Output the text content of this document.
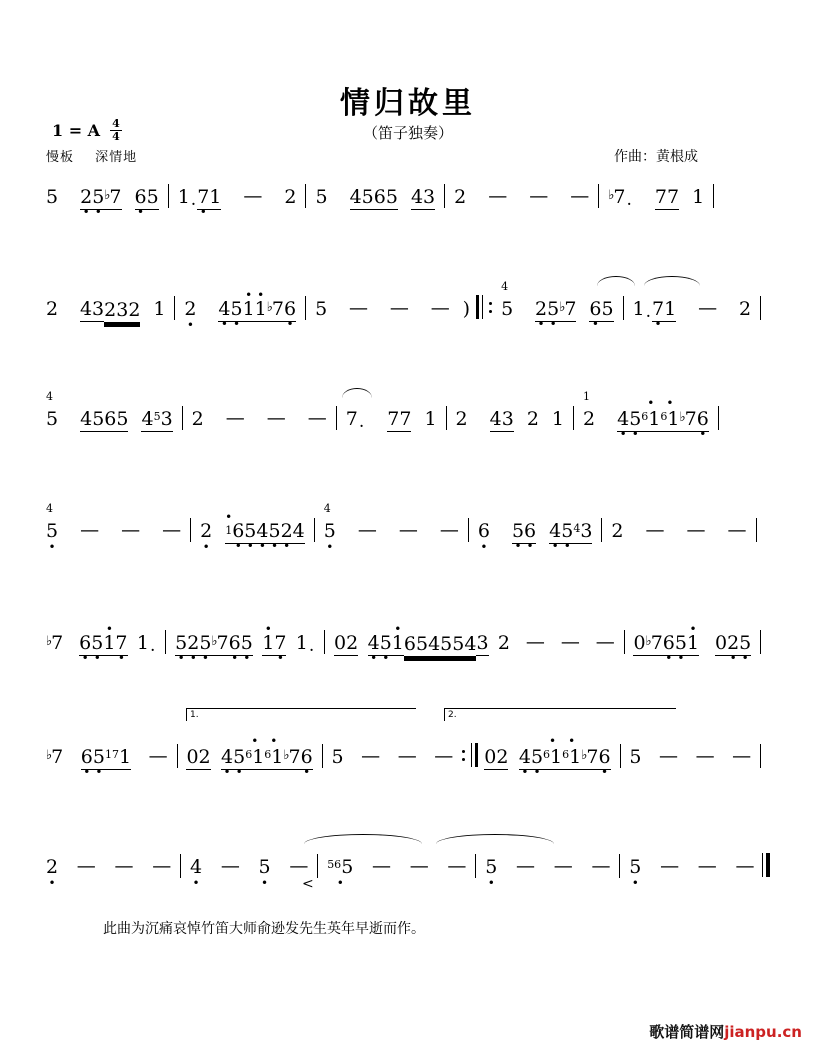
1 = A $\frac{4}{4}$
情归故里
（笛子独奏）
慢板 深情地	作曲：黄根成
5 2 • 5 • ♭7 6 • 5 1 . 7 • 1 — 2 5 4 5 6 5 4 3 2 — — — ♭7 . 7 7 1
2 4 3 2 3 2 1 2 • 4 • 5 • • 1 • 1 ♭7 6 • 5 — — — )
$^4$
5 2 • 5 • ♭7 6 • 5 1 . 7 • 1 — 2
$^4$
5 4 5 6 5 4 $^5$3 2 — — — 7 . 7 7 1 2 4 3 2 1
$^1$
2 4 • 5 • • $^6$1 • $^6$1 ♭7 6 •
$^4$
5 • — — — 2 • • 1 6 • 5 • 4 • 5 • 2 • 4
$^4$
5 • — — — 6 • 5 • 6 • 4 • 5 • $^4$3 2 — — —
♭7 6 • 5 • • 1 7 • 1 . 5 • 2 • 5 • ♭7 6 • 5 • • 1 7 • 1 . 0 2 4 • 5 • • 1 6 • 5 • 4 • 5 • 5 • 4 3 2 — — — 0 ♭7 6 • 5 • • 1 0 2 • 5 •
1.	2.
♭7 6 • 5 • $^{17}$1 — 0 2 4 • 5 • • $^6$1 • $^6$1 ♭7 6 • 5 — — — 0 2 4 • 5 • • $^6$1 • $^6$1 ♭7 6 • 5 — — —
2 • — — — 4 • — 5 • — $^{56}$5 • — — — 5 • — — — 5 • — — —
<
此曲为沉痛哀悼竹笛大师俞逊发先生英年早逝而作。
歌谱简谱网jianpu.cn
